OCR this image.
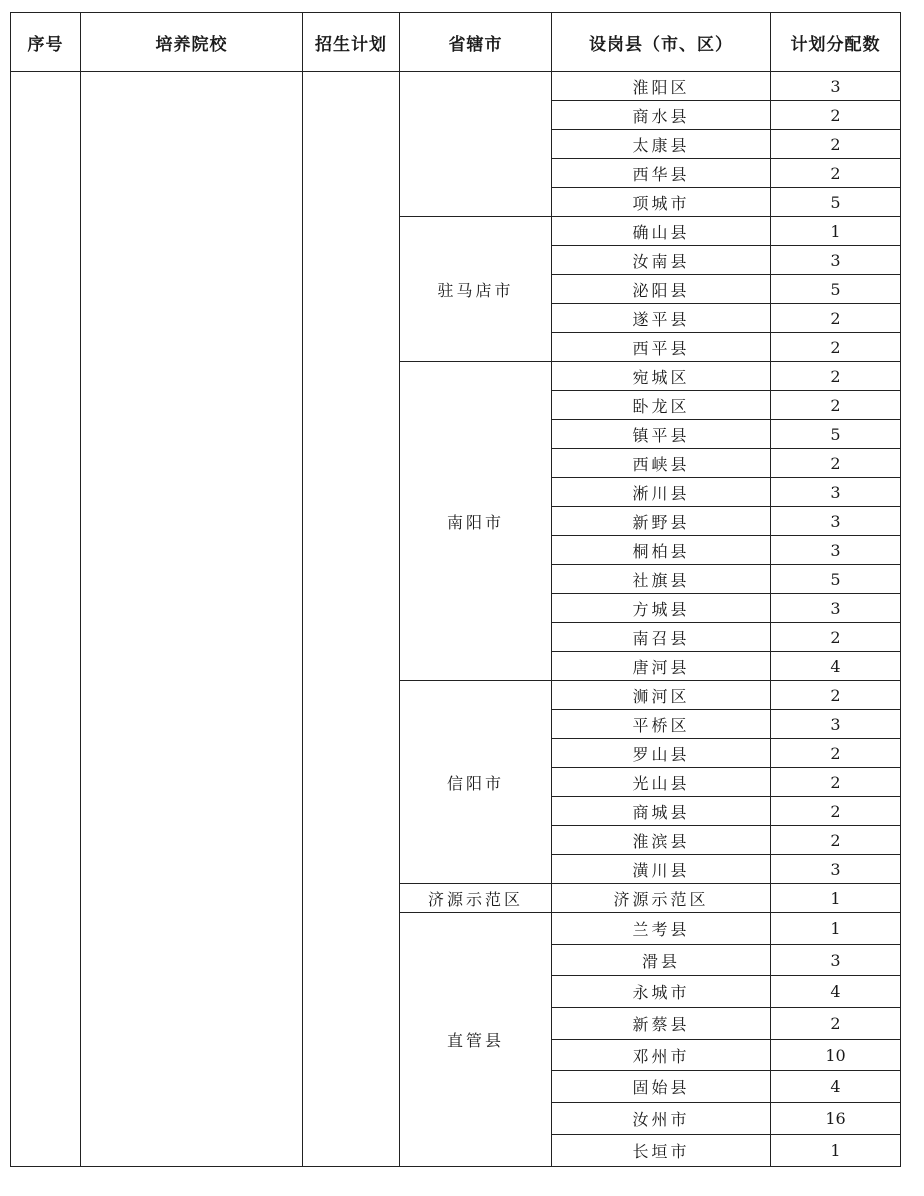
序号	培养院校	招生计划	省辖市	设岗县（市、区）	计划分配数
				淮阳区	3
				商水县	2
				太康县	2
				西华县	2
				项城市	5
			驻马店市	确山县	1
				汝南县	3
				泌阳县	5
				遂平县	2
				西平县	2
			南阳市	宛城区	2
				卧龙区	2
				镇平县	5
				西峡县	2
				淅川县	3
				新野县	3
				桐柏县	3
				社旗县	5
				方城县	3
				南召县	2
				唐河县	4
			信阳市	浉河区	2
				平桥区	3
				罗山县	2
				光山县	2
				商城县	2
				淮滨县	2
				潢川县	3
			济源示范区	济源示范区	1
			直管县	兰考县	1
				滑县	3
				永城市	4
				新蔡县	2
				邓州市	10
				固始县	4
				汝州市	16
				长垣市	1
